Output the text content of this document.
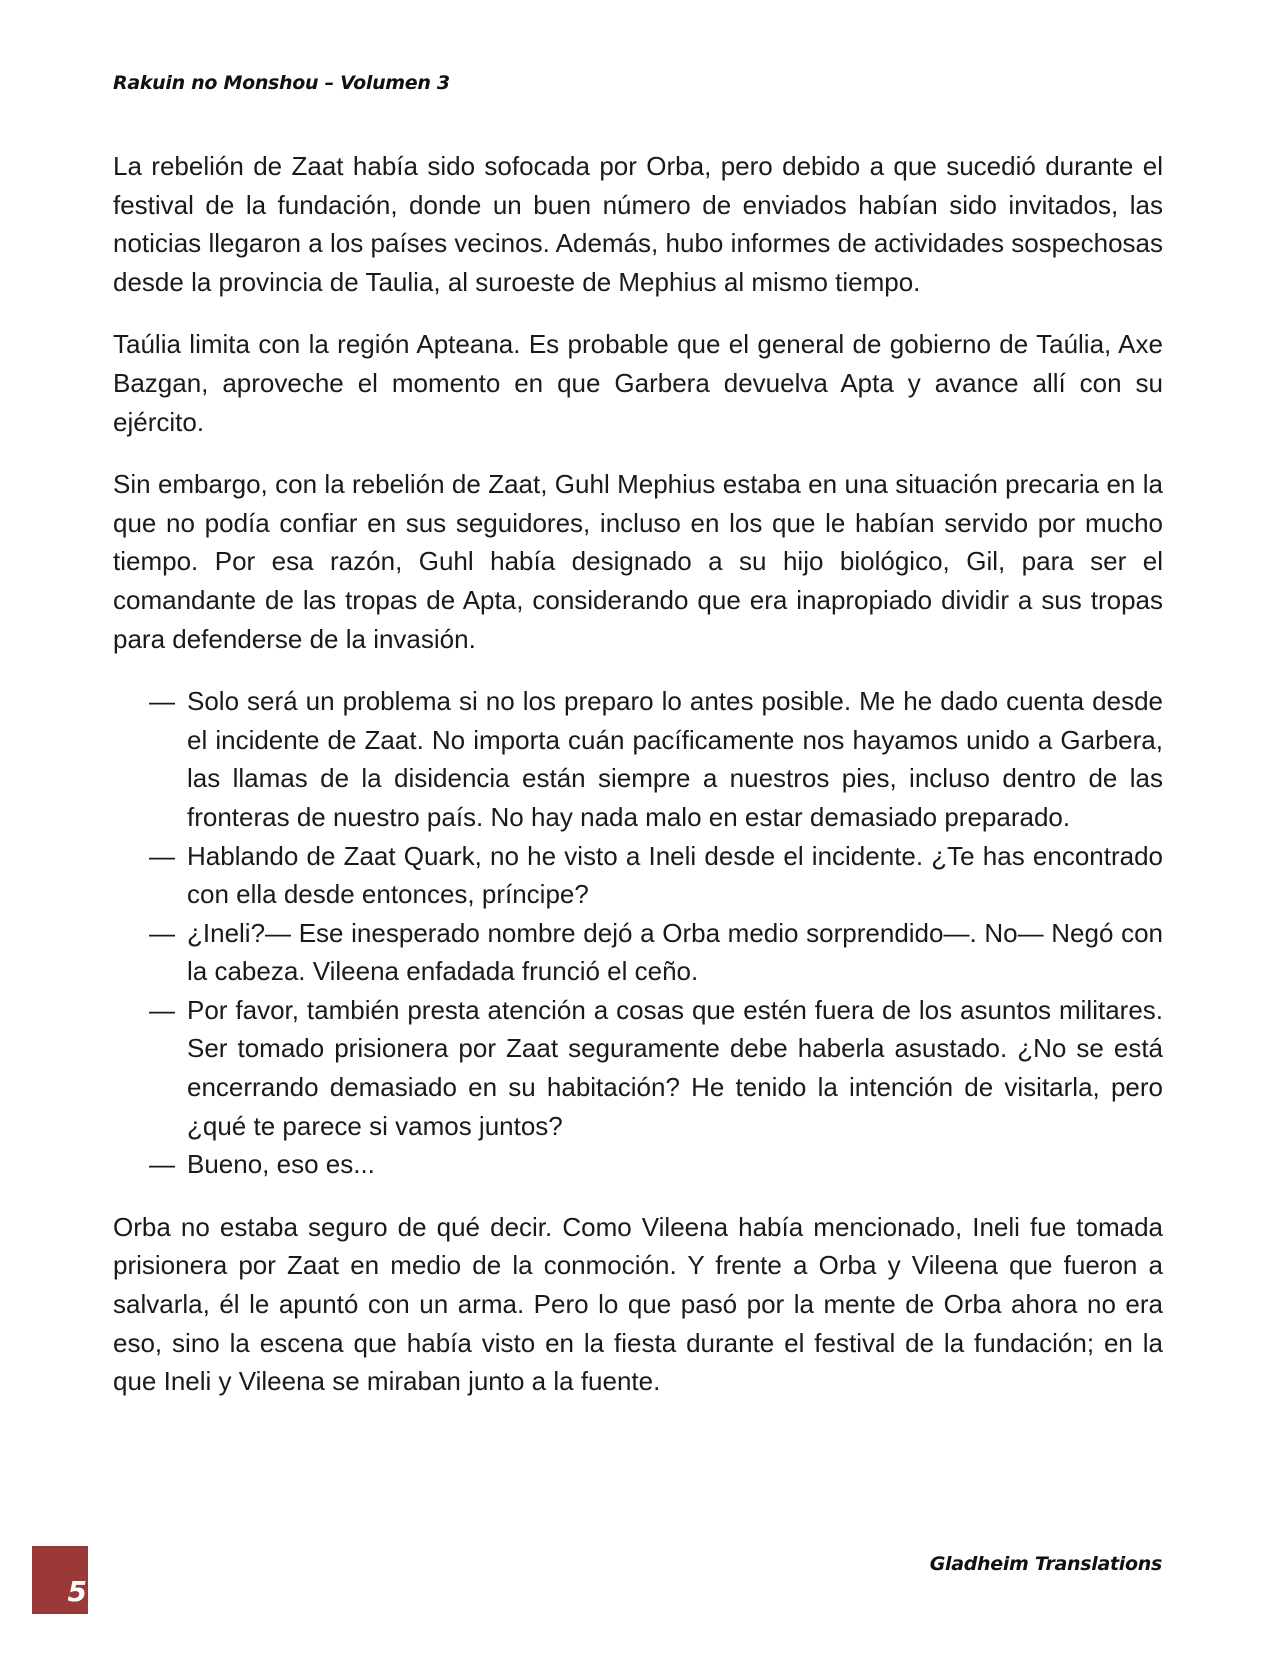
Rakuin no Monshou – Volumen 3

La rebelión de Zaat había sido sofocada por Orba, pero debido a que sucedió durante el festival de la fundación, donde un buen número de enviados habían sido invitados, las noticias llegaron a los países vecinos. Además, hubo informes de actividades sospechosas desde la provincia de Taulia, al suroeste de Mephius al mismo tiempo.

Taúlia limita con la región Apteana. Es probable que el general de gobierno de Taúlia, Axe Bazgan, aproveche el momento en que Garbera devuelva Apta y avance allí con su ejército.

Sin embargo, con la rebelión de Zaat, Guhl Mephius estaba en una situación precaria en la que no podía confiar en sus seguidores, incluso en los que le habían servido por mucho tiempo. Por esa razón, Guhl había designado a su hijo biológico, Gil, para ser el comandante de las tropas de Apta, considerando que era inapropiado dividir a sus tropas para defenderse de la invasión.

— Solo será un problema si no los preparo lo antes posible. Me he dado cuenta desde el incidente de Zaat. No importa cuán pacíficamente nos hayamos unido a Garbera, las llamas de la disidencia están siempre a nuestros pies, incluso dentro de las fronteras de nuestro país. No hay nada malo en estar demasiado preparado.
— Hablando de Zaat Quark, no he visto a Ineli desde el incidente. ¿Te has encontrado con ella desde entonces, príncipe?
— ¿Ineli?— Ese inesperado nombre dejó a Orba medio sorprendido—. No— Negó con la cabeza. Vileena enfadada frunció el ceño.
— Por favor, también presta atención a cosas que estén fuera de los asuntos militares. Ser tomado prisionera por Zaat seguramente debe haberla asustado. ¿No se está encerrando demasiado en su habitación? He tenido la intención de visitarla, pero ¿qué te parece si vamos juntos?
— Bueno, eso es...

Orba no estaba seguro de qué decir. Como Vileena había mencionado, Ineli fue tomada prisionera por Zaat en medio de la conmoción. Y frente a Orba y Vileena que fueron a salvarla, él le apuntó con un arma. Pero lo que pasó por la mente de Orba ahora no era eso, sino la escena que había visto en la fiesta durante el festival de la fundación; en la que Ineli y Vileena se miraban junto a la fuente.

5
Gladheim Translations
